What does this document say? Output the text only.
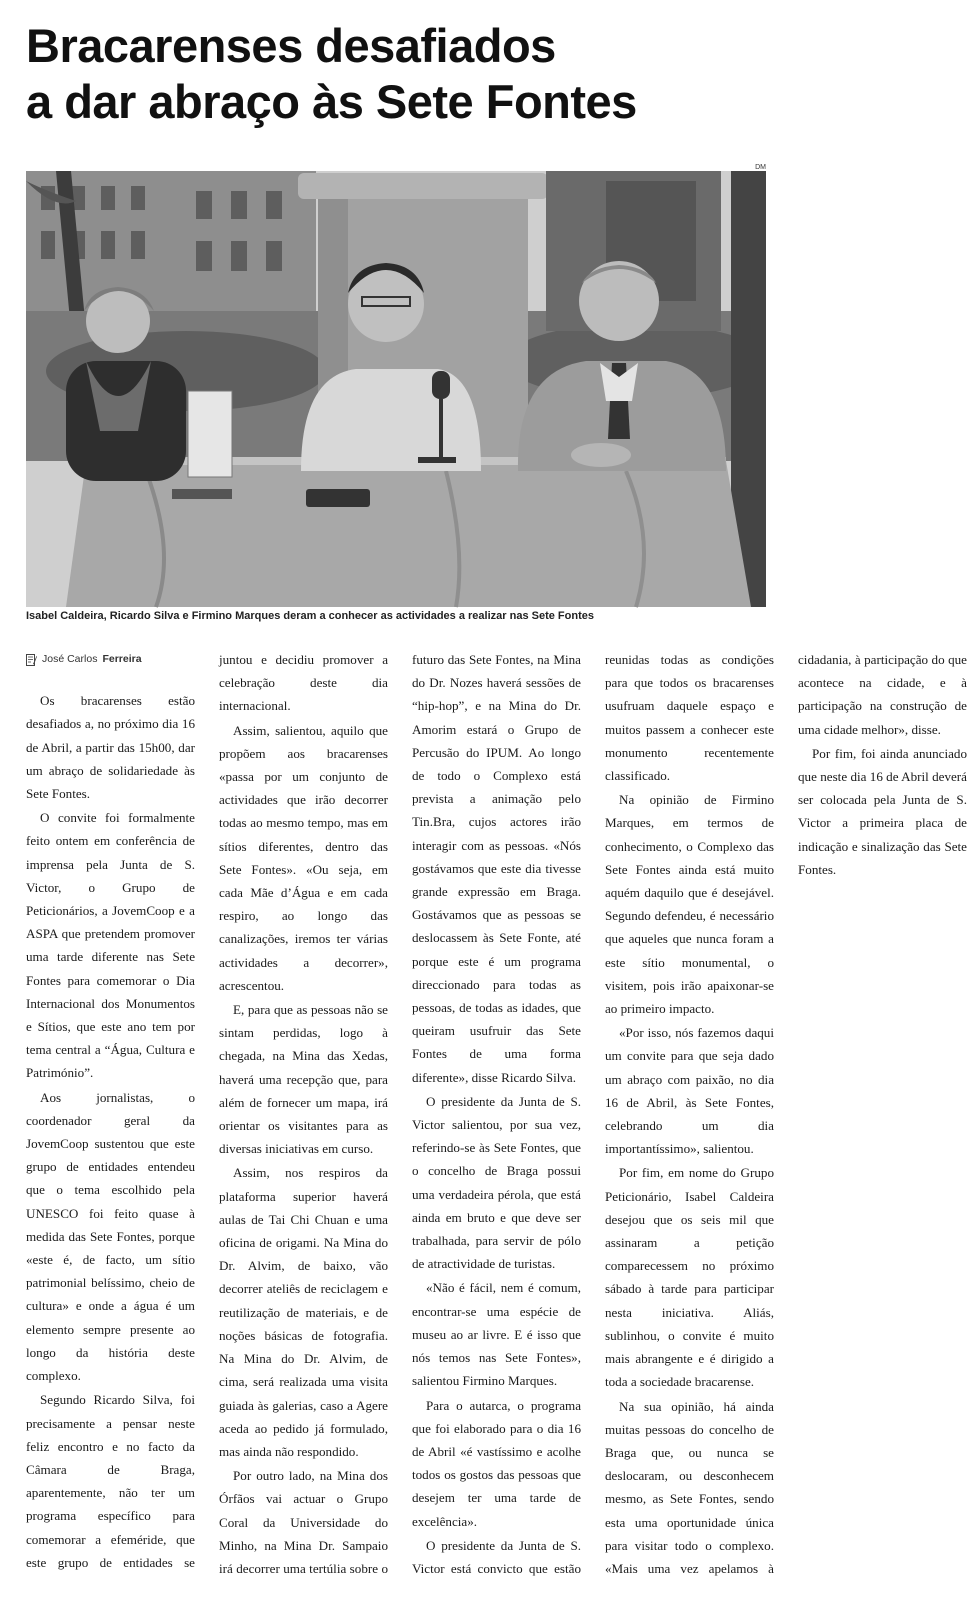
Bracarenses desafiados
a dar abraço às Sete Fontes
DM
Isabel Caldeira, Ricardo Silva e Firmino Marques deram a conhecer as actividades a realizar nas Sete Fontes
José Carlos Ferreira

Os bracarenses estão desafiados a, no próximo dia 16 de Abril, a partir das 15h00, dar um abraço de solidariedade às Sete Fontes.

O convite foi formalmente feito ontem em conferência de imprensa pela Junta de S. Victor, o Grupo de Peticionários, a JovemCoop e a ASPA que pretendem promover uma tarde diferente nas Sete Fontes para comemorar o Dia Internacional dos Monumentos e Sítios, que este ano tem por tema central a “Água, Cultura e Património”.

Aos jornalistas, o coordenador geral da JovemCoop sustentou que este grupo de entidades entendeu que o tema escolhido pela UNESCO foi feito quase à medida das Sete Fontes, porque «este é, de facto, um sítio patrimonial belíssimo, cheio de cultura» e onde a água é um elemento sempre presente ao longo da história deste complexo.

Segundo Ricardo Silva, foi precisamente a pensar neste feliz encontro e no facto da Câmara de Braga, aparentemente, não ter um programa específico para comemorar a efeméride, que este grupo de entidades se juntou e decidiu promover a celebração deste dia internacional.

Assim, salientou, aquilo que propõem aos bracarenses «passa por um conjunto de actividades que irão decorrer todas ao mesmo tempo, mas em sítios diferentes, dentro das Sete Fontes». «Ou seja, em cada Mãe d’Água e em cada respiro, ao longo das canalizações, iremos ter várias actividades a decorrer», acrescentou.

E, para que as pessoas não se sintam perdidas, logo à chegada, na Mina das Xedas, haverá uma recepção que, para além de fornecer um mapa, irá orientar os visitantes para as diversas iniciativas em curso.

Assim, nos respiros da plataforma superior haverá aulas de Tai Chi Chuan e uma oficina de origami. Na Mina do Dr. Alvim, de baixo, vão decorrer ateliês de reciclagem e reutilização de materiais, e de noções básicas de fotografia. Na Mina do Dr. Alvim, de cima, será realizada uma visita guiada às galerias, caso a Agere aceda ao pedido já formulado, mas ainda não respondido.

Por outro lado, na Mina dos Órfãos vai actuar o Grupo Coral da Universidade do Minho, na Mina Dr. Sampaio irá decorrer uma tertúlia sobre o futuro das Sete Fontes, na Mina do Dr. Nozes haverá sessões de “hip-hop”, e na Mina do Dr. Amorim estará o Grupo de Percusão do IPUM. Ao longo de todo o Complexo está prevista a animação pelo Tin.Bra, cujos actores irão interagir com as pessoas. «Nós gostávamos que este dia tivesse grande expressão em Braga. Gostávamos que as pessoas se deslocassem às Sete Fonte, até porque este é um programa direccionado para todas as pessoas, de todas as idades, que queiram usufruir das Sete Fontes de uma forma diferente», disse Ricardo Silva.

O presidente da Junta de S. Victor salientou, por sua vez, referindo-se às Sete Fontes, que o concelho de Braga possui uma verdadeira pérola, que está ainda em bruto e que deve ser trabalhada, para servir de pólo de atractividade de turistas.

«Não é fácil, nem é comum, encontrar-se uma espécie de museu ao ar livre. E é isso que nós temos nas Sete Fontes», salientou Firmino Marques.

Para o autarca, o programa que foi elaborado para o dia 16 de Abril «é vastíssimo e acolhe todos os gostos das pessoas que desejem ter uma tarde de excelência».

O presidente da Junta de S. Victor está convicto que estão reunidas todas as condições para que todos os bracarenses usufruam daquele espaço e muitos passem a conhecer este monumento recentemente classificado.

Na opinião de Firmino Marques, em termos de conhecimento, o Complexo das Sete Fontes ainda está muito aquém daquilo que é desejável. Segundo defendeu, é necessário que aqueles que nunca foram a este sítio monumental, o visitem, pois irão apaixonar-se ao primeiro impacto.

«Por isso, nós fazemos daqui um convite para que seja dado um abraço com paixão, no dia 16 de Abril, às Sete Fontes, celebrando um dia importantíssimo», salientou.

Por fim, em nome do Grupo Peticionário, Isabel Caldeira desejou que os seis mil que assinaram a petição comparecessem no próximo sábado à tarde para participar nesta iniciativa. Aliás, sublinhou, o convite é muito mais abrangente e é dirigido a toda a sociedade bracarense.

Na sua opinião, há ainda muitas pessoas do concelho de Braga que, ou nunca se deslocaram, ou desconhecem mesmo, as Sete Fontes, sendo esta uma oportunidade única para visitar todo o complexo. «Mais uma vez apelamos à cidadania, à participação do que acontece na cidade, e à participação na construção de uma cidade melhor», disse.

Por fim, foi ainda anunciado que neste dia 16 de Abril deverá ser colocada pela Junta de S. Victor a primeira placa de indicação e sinalização das Sete Fontes.
